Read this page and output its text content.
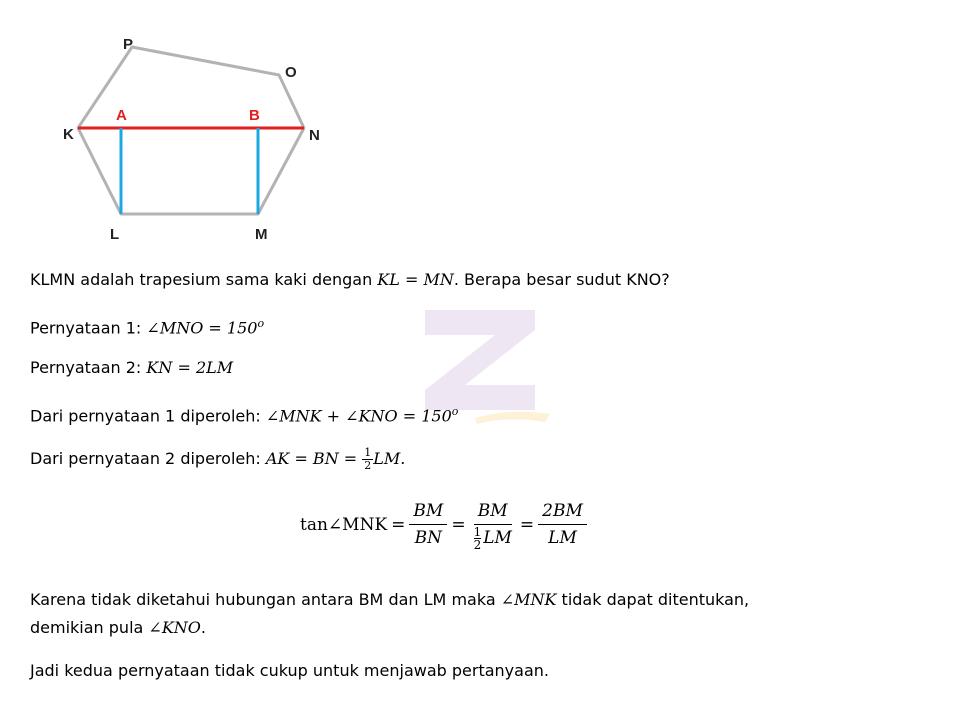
P
O
K	N
L	M
A	B
KLMN adalah trapesium sama kaki dengan KL = MN. Berapa besar sudut KNO?
Pernyataan 1: ∠MNO = $150^o$
Pernyataan 2: KN = 2LM
Dari pernyataan 1 diperoleh: ∠MNK + ∠KNO = $150^o$
Dari pernyataan 2 diperoleh: AK = BN = $\frac{1}{2}$ LM.
tan∠MNK = $\frac{BM}{BN} = \frac{BM}{\frac{1}{2} LM} = \frac{2BM}{LM}$
Karena tidak diketahui hubungan antara BM dan LM maka ∠MNK tidak dapat ditentukan,
demikian pula ∠KNO.
Jadi kedua pernyataan tidak cukup untuk menjawab pertanyaan.
